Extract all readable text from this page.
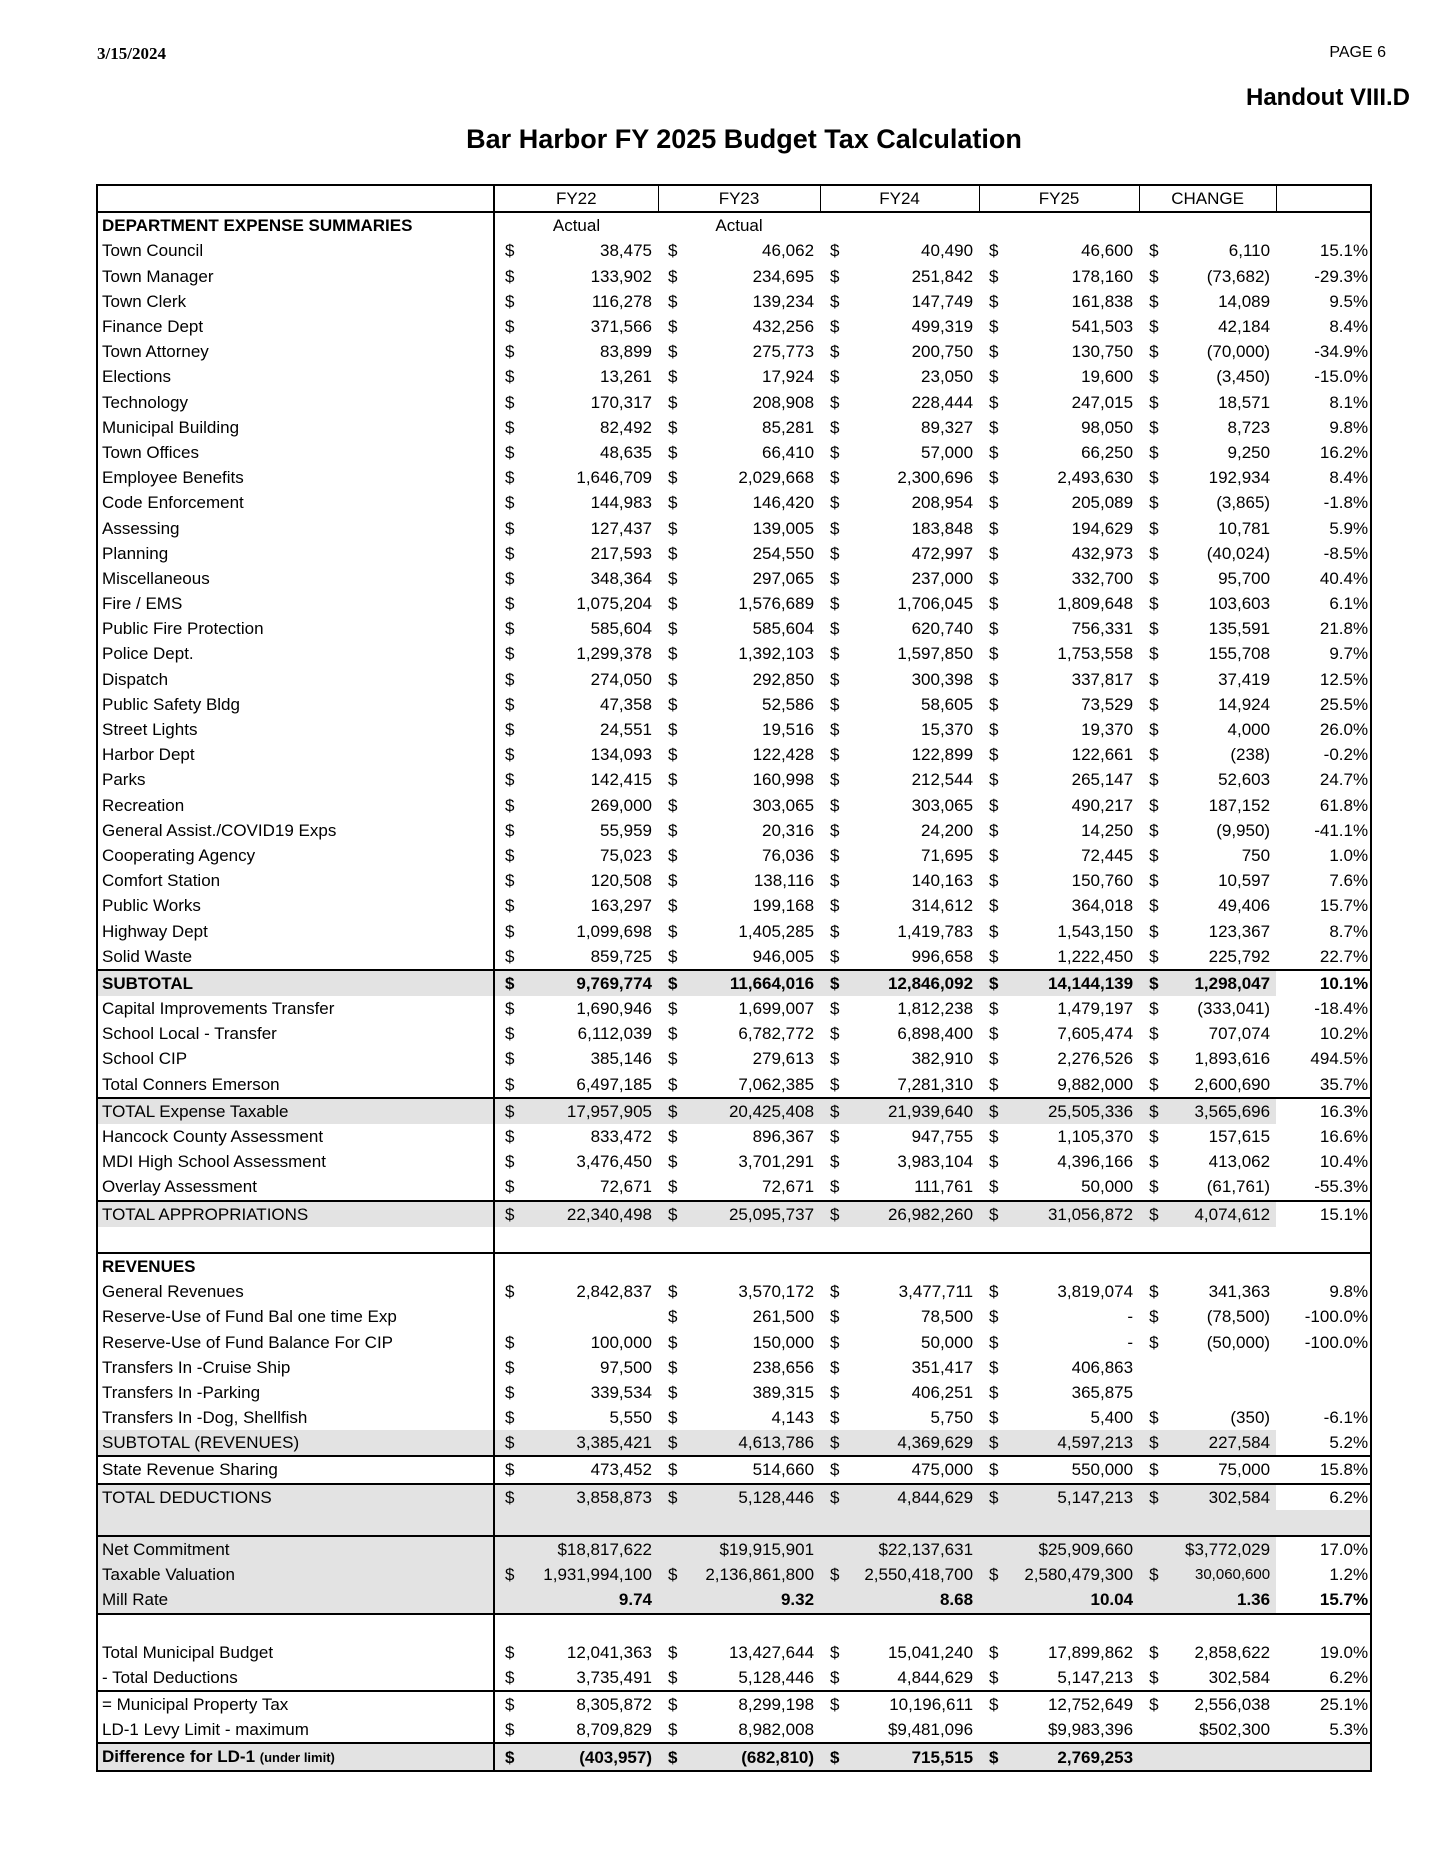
3/15/2024	PAGE 6
Handout VIII.D
Bar Harbor FY 2025 Budget Tax Calculation
	FY22		FY23		FY24		FY25		CHANGE		
DEPARTMENT EXPENSE SUMMARIES	Actual		Actual								
Town Council	$	38,475	$	46,062	$	40,490	$	46,600	$	6,110	15.1%
Town Manager	$	133,902	$	234,695	$	251,842	$	178,160	$	(73,682)	-29.3%
Town Clerk	$	116,278	$	139,234	$	147,749	$	161,838	$	14,089	9.5%
Finance Dept	$	371,566	$	432,256	$	499,319	$	541,503	$	42,184	8.4%
Town Attorney	$	83,899	$	275,773	$	200,750	$	130,750	$	(70,000)	-34.9%
Elections	$	13,261	$	17,924	$	23,050	$	19,600	$	(3,450)	-15.0%
Technology	$	170,317	$	208,908	$	228,444	$	247,015	$	18,571	8.1%
Municipal Building	$	82,492	$	85,281	$	89,327	$	98,050	$	8,723	9.8%
Town Offices	$	48,635	$	66,410	$	57,000	$	66,250	$	9,250	16.2%
Employee Benefits	$	1,646,709	$	2,029,668	$	2,300,696	$	2,493,630	$	192,934	8.4%
Code Enforcement	$	144,983	$	146,420	$	208,954	$	205,089	$	(3,865)	-1.8%
Assessing	$	127,437	$	139,005	$	183,848	$	194,629	$	10,781	5.9%
Planning	$	217,593	$	254,550	$	472,997	$	432,973	$	(40,024)	-8.5%
Miscellaneous	$	348,364	$	297,065	$	237,000	$	332,700	$	95,700	40.4%
Fire / EMS	$	1,075,204	$	1,576,689	$	1,706,045	$	1,809,648	$	103,603	6.1%
Public Fire Protection	$	585,604	$	585,604	$	620,740	$	756,331	$	135,591	21.8%
Police Dept.	$	1,299,378	$	1,392,103	$	1,597,850	$	1,753,558	$	155,708	9.7%
Dispatch	$	274,050	$	292,850	$	300,398	$	337,817	$	37,419	12.5%
Public Safety Bldg	$	47,358	$	52,586	$	58,605	$	73,529	$	14,924	25.5%
Street Lights	$	24,551	$	19,516	$	15,370	$	19,370	$	4,000	26.0%
Harbor Dept	$	134,093	$	122,428	$	122,899	$	122,661	$	(238)	-0.2%
Parks	$	142,415	$	160,998	$	212,544	$	265,147	$	52,603	24.7%
Recreation	$	269,000	$	303,065	$	303,065	$	490,217	$	187,152	61.8%
General Assist./COVID19 Exps	$	55,959	$	20,316	$	24,200	$	14,250	$	(9,950)	-41.1%
Cooperating Agency	$	75,023	$	76,036	$	71,695	$	72,445	$	750	1.0%
Comfort Station	$	120,508	$	138,116	$	140,163	$	150,760	$	10,597	7.6%
Public Works	$	163,297	$	199,168	$	314,612	$	364,018	$	49,406	15.7%
Highway Dept	$	1,099,698	$	1,405,285	$	1,419,783	$	1,543,150	$	123,367	8.7%
Solid Waste	$	859,725	$	946,005	$	996,658	$	1,222,450	$	225,792	22.7%
SUBTOTAL	$	9,769,774	$	11,664,016	$	12,846,092	$	14,144,139	$	1,298,047	10.1%
Capital Improvements Transfer	$	1,690,946	$	1,699,007	$	1,812,238	$	1,479,197	$	(333,041)	-18.4%
School Local - Transfer	$	6,112,039	$	6,782,772	$	6,898,400	$	7,605,474	$	707,074	10.2%
School CIP	$	385,146	$	279,613	$	382,910	$	2,276,526	$	1,893,616	494.5%
Total Conners Emerson	$	6,497,185	$	7,062,385	$	7,281,310	$	9,882,000	$	2,600,690	35.7%
TOTAL Expense Taxable	$	17,957,905	$	20,425,408	$	21,939,640	$	25,505,336	$	3,565,696	16.3%
Hancock County Assessment	$	833,472	$	896,367	$	947,755	$	1,105,370	$	157,615	16.6%
MDI High School Assessment	$	3,476,450	$	3,701,291	$	3,983,104	$	4,396,166	$	413,062	10.4%
Overlay Assessment	$	72,671	$	72,671	$	111,761	$	50,000	$	(61,761)	-55.3%
TOTAL APPROPRIATIONS	$	22,340,498	$	25,095,737	$	26,982,260	$	31,056,872	$	4,074,612	15.1%

REVENUES											
General Revenues	$	2,842,837	$	3,570,172	$	3,477,711	$	3,819,074	$	341,363	9.8%
Reserve-Use of Fund Bal one time Exp			$	261,500	$	78,500	$	-	$	(78,500)	-100.0%
Reserve-Use of Fund Balance For CIP	$	100,000	$	150,000	$	50,000	$	-	$	(50,000)	-100.0%
Transfers In -Cruise Ship	$	97,500	$	238,656	$	351,417	$	406,863			
Transfers In -Parking	$	339,534	$	389,315	$	406,251	$	365,875			
Transfers In -Dog, Shellfish	$	5,550	$	4,143	$	5,750	$	5,400	$	(350)	-6.1%
SUBTOTAL (REVENUES)	$	3,385,421	$	4,613,786	$	4,369,629	$	4,597,213	$	227,584	5.2%
State Revenue Sharing	$	473,452	$	514,660	$	475,000	$	550,000	$	75,000	15.8%
TOTAL DEDUCTIONS	$	3,858,873	$	5,128,446	$	4,844,629	$	5,147,213	$	302,584	6.2%

Net Commitment		$18,817,622		$19,915,901		$22,137,631		$25,909,660		$3,772,029	17.0%
Taxable Valuation	$	1,931,994,100	$	2,136,861,800	$	2,550,418,700	$	2,580,479,300	$	30,060,600	1.2%
Mill Rate		9.74		9.32		8.68		10.04		1.36	15.7%

Total Municipal Budget	$	12,041,363	$	13,427,644	$	15,041,240	$	17,899,862	$	2,858,622	19.0%
- Total Deductions	$	3,735,491	$	5,128,446	$	4,844,629	$	5,147,213	$	302,584	6.2%
= Municipal Property Tax	$	8,305,872	$	8,299,198	$	10,196,611	$	12,752,649	$	2,556,038	25.1%
LD-1 Levy Limit - maximum	$	8,709,829	$	8,982,008		$9,481,096		$9,983,396		$502,300	5.3%
Difference for LD-1 (under limit)	$	(403,957)	$	(682,810)	$	715,515	$	2,769,253			
